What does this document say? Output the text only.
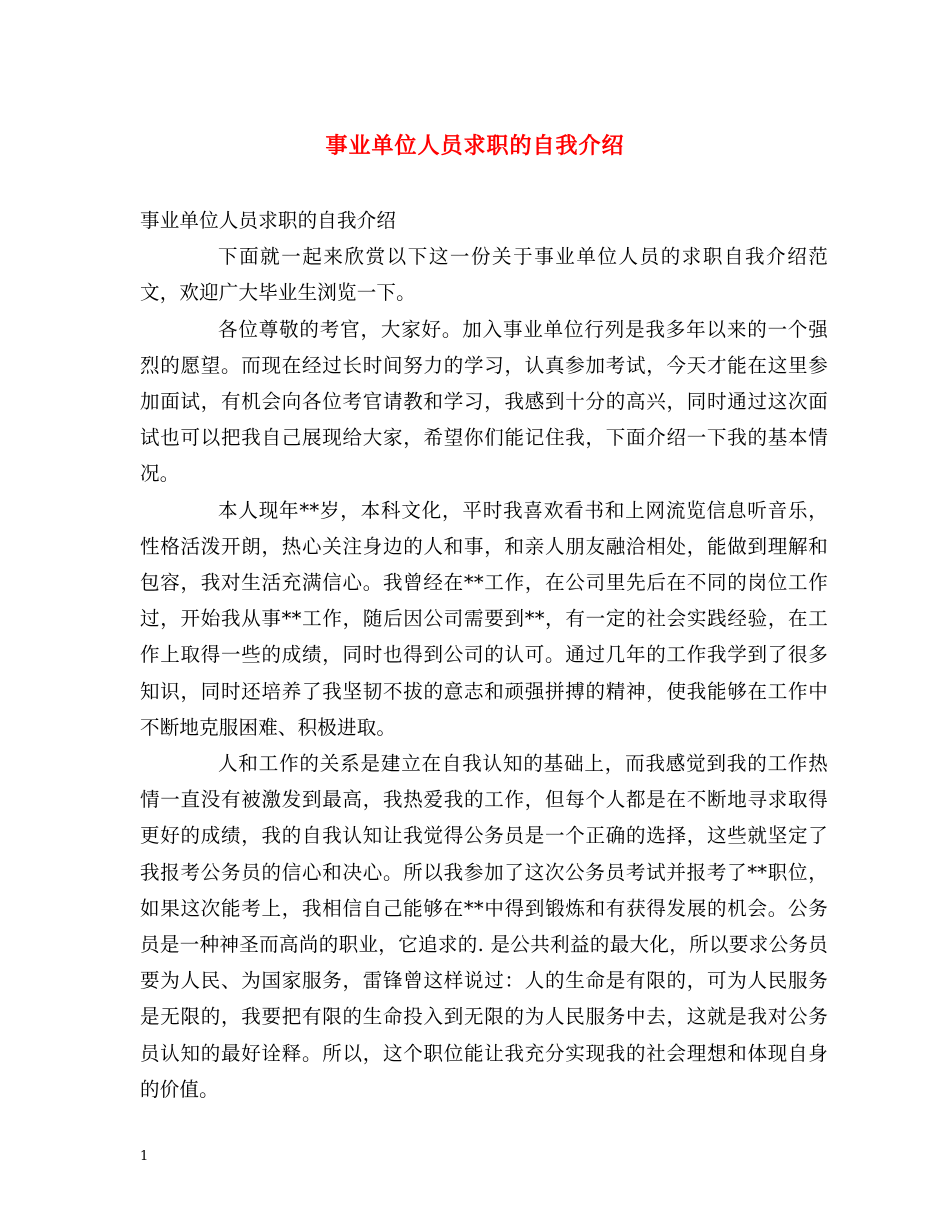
事业单位人员求职的自我介绍

事业单位人员求职的自我介绍

下面就一起来欣赏以下这一份关于事业单位人员的求职自我介绍范文，欢迎广大毕业生浏览一下。

各位尊敬的考官，大家好。加入事业单位行列是我多年以来的一个强烈的愿望。而现在经过长时间努力的学习，认真参加考试，今天才能在这里参加面试，有机会向各位考官请教和学习，我感到十分的高兴，同时通过这次面试也可以把我自己展现给大家，希望你们能记住我，下面介绍一下我的基本情况。

本人现年**岁，本科文化，平时我喜欢看书和上网流览信息听音乐，性格活泼开朗，热心关注身边的人和事，和亲人朋友融洽相处，能做到理解和包容，我对生活充满信心。我曾经在**工作，在公司里先后在不同的岗位工作过，开始我从事**工作，随后因公司需要到**，有一定的社会实践经验，在工作上取得一些的成绩，同时也得到公司的认可。通过几年的工作我学到了很多知识，同时还培养了我坚韧不拔的意志和顽强拼搏的精神，使我能够在工作中不断地克服困难、积极进取。

人和工作的关系是建立在自我认知的基础上，而我感觉到我的工作热情一直没有被激发到最高，我热爱我的工作，但每个人都是在不断地寻求取得更好的成绩，我的自我认知让我觉得公务员是一个正确的选择，这些就坚定了我报考公务员的信心和决心。所以我参加了这次公务员考试并报考了**职位，如果这次能考上，我相信自己能够在**中得到锻炼和有获得发展的机会。公务员是一种神圣而高尚的职业，它追求的. 是公共利益的最大化，所以要求公务员要为人民、为国家服务，雷锋曾这样说过：人的生命是有限的，可为人民服务是无限的，我要把有限的生命投入到无限的为人民服务中去，这就是我对公务员认知的最好诠释。所以，这个职位能让我充分实现我的社会理想和体现自身的价值。

1
